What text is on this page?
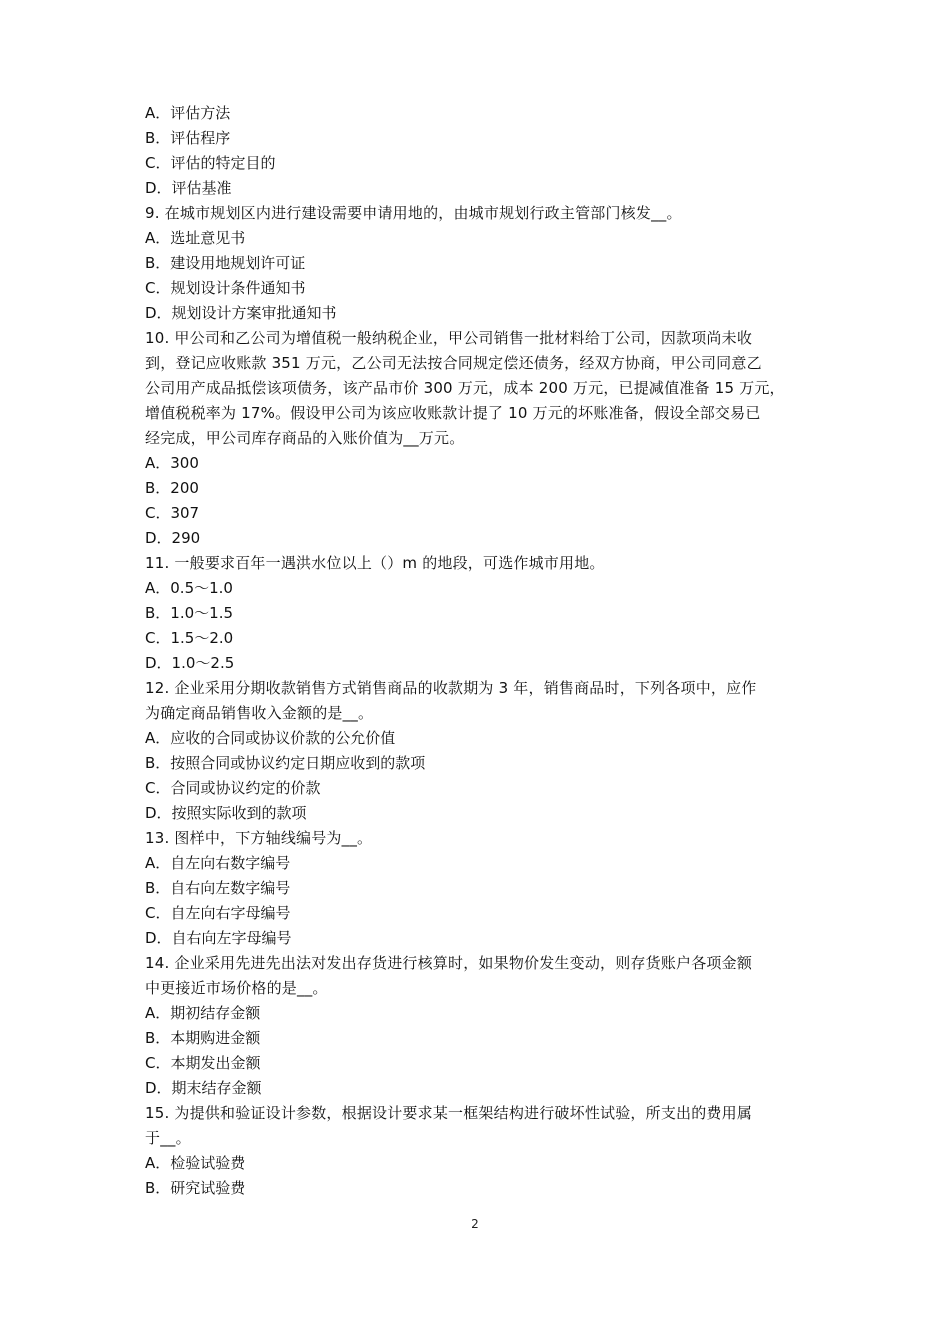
A．评估方法
B．评估程序
C．评估的特定目的
D．评估基准
9. 在城市规划区内进行建设需要申请用地的，由城市规划行政主管部门核发__。
A．选址意见书
B．建设用地规划许可证
C．规划设计条件通知书
D．规划设计方案审批通知书
10. 甲公司和乙公司为增值税一般纳税企业，甲公司销售一批材料给丁公司，因款项尚未收
到，登记应收账款 351 万元，乙公司无法按合同规定偿还债务，经双方协商，甲公司同意乙
公司用产成品抵偿该项债务，该产品市价 300 万元，成本 200 万元，已提减值准备 15 万元，
增值税税率为 17%。假设甲公司为该应收账款计提了 10 万元的坏账准备，假设全部交易已
经完成，甲公司库存商品的入账价值为__万元。
A．300
B．200
C．307
D．290
11. 一般要求百年一遇洪水位以上（）m 的地段，可选作城市用地。
A．0.5～1.0
B．1.0～1.5
C．1.5～2.0
D．1.0～2.5
12. 企业采用分期收款销售方式销售商品的收款期为 3 年，销售商品时，下列各项中，应作
为确定商品销售收入金额的是__。
A．应收的合同或协议价款的公允价值
B．按照合同或协议约定日期应收到的款项
C．合同或协议约定的价款
D．按照实际收到的款项
13. 图样中，下方轴线编号为__。
A．自左向右数字编号
B．自右向左数字编号
C．自左向右字母编号
D．自右向左字母编号
14. 企业采用先进先出法对发出存货进行核算时，如果物价发生变动，则存货账户各项金额
中更接近市场价格的是__。
A．期初结存金额
B．本期购进金额
C．本期发出金额
D．期末结存金额
15. 为提供和验证设计参数，根据设计要求某一框架结构进行破坏性试验，所支出的费用属
于__。
A．检验试验费
B．研究试验费
2
